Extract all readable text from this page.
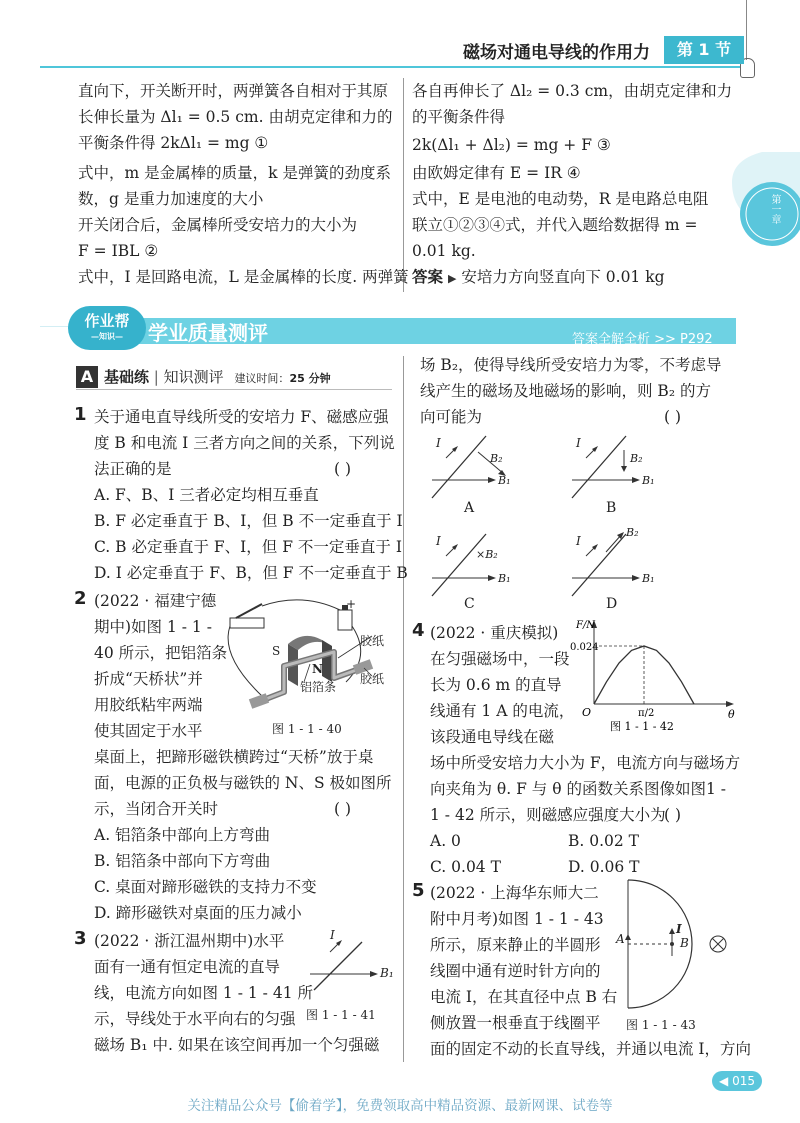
磁场对通电导线的作用力	第 1 节
第一章
直向下，开关断开时，两弹簧各自相对于其原
长伸长量为 Δl₁ = 0.5 cm. 由胡克定律和力的
平衡条件得 2kΔl₁ = mg ①
式中，m 是金属棒的质量，k 是弹簧的劲度系
数，g 是重力加速度的大小
开关闭合后，金属棒所受安培力的大小为
F = IBL ②
式中，I 是回路电流，L 是金属棒的长度. 两弹簧
各自再伸长了 Δl₂ = 0.3 cm，由胡克定律和力
的平衡条件得
2k(Δl₁ + Δl₂) = mg + F ③
由欧姆定律有 E = IR ④
式中，E 是电池的电动势，R 是电路总电阻
联立①②③④式，并代入题给数据得 m =
0.01 kg.
答案 ▶ 安培力方向竖直向下 0.01 kg
作业帮
—知识—	学业质量测评	答案全解全析 >> P292
A 基础练 | 知识测评 建议时间：25 分钟
1 关于通电直导线所受的安培力 F、磁感应强
度 B 和电流 I 三者方向之间的关系，下列说
法正确的是	( )
A. F、B、I 三者必定均相互垂直
B. F 必定垂直于 B、I，但 B 不一定垂直于 I
C. B 必定垂直于 F、I，但 F 不一定垂直于 I
D. I 必定垂直于 F、B，但 F 不一定垂直于 B
2 (2022 · 福建宁德
期中)如图 1 - 1 -
40 所示，把铝箔条
折成“天桥状”并
用胶纸粘牢两端
使其固定于水平
桌面上，把蹄形磁铁横跨过“天桥”放于桌
面，电源的正负极与磁铁的 N、S 极如图所
示，当闭合开关时	( )
A. 铝箔条中部向上方弯曲
B. 铝箔条中部向下方弯曲
C. 桌面对蹄形磁铁的支持力不变
D. 蹄形磁铁对桌面的压力减小
+
胶纸
胶纸
S
N
铝箔条
图 1 - 1 - 40
3 (2022 · 浙江温州期中)水平
面有一通有恒定电流的直导
线，电流方向如图 1 - 1 - 41 所
示，导线处于水平向右的匀强
磁场 B₁ 中. 如果在该空间再加一个匀强磁
I
B₁
图 1 - 1 - 41
场 B₂，使得导线所受安培力为零，不考虑导
线产生的磁场及地磁场的影响，则 B₂ 的方
向可能为	( )
I
B₂
B₁
A
I
B₂
B₁
B
I
×B₂
B₁
C
I
B₂
B₁
D
4 (2022 · 重庆模拟)
在匀强磁场中，一段
长为 0.6 m 的直导
线通有 1 A 的电流，
该段通电导线在磁
场中所受安培力大小为 F，电流方向与磁场方
向夹角为 θ. F 与 θ 的函数关系图像如图1 -
1 - 42 所示，则磁感应强度大小为
( )
A. 0	B. 0.02 T
C. 0.04 T	D. 0.06 T
π/2
F/N
θ
O
0.024
图 1 - 1 - 42
5 (2022 · 上海华东师大二
附中月考)如图 1 - 1 - 43
所示，原来静止的半圆形
线圈中通有逆时针方向的
电流 I，在其直径中点 B 右
侧放置一根垂直于线圈平
面的固定不动的长直导线，并通以电流 I，方向
A	B
I
图 1 - 1 - 43
◀ 015
关注精品公众号【偷着学】，免费领取高中精品资源、最新网课、试卷等
